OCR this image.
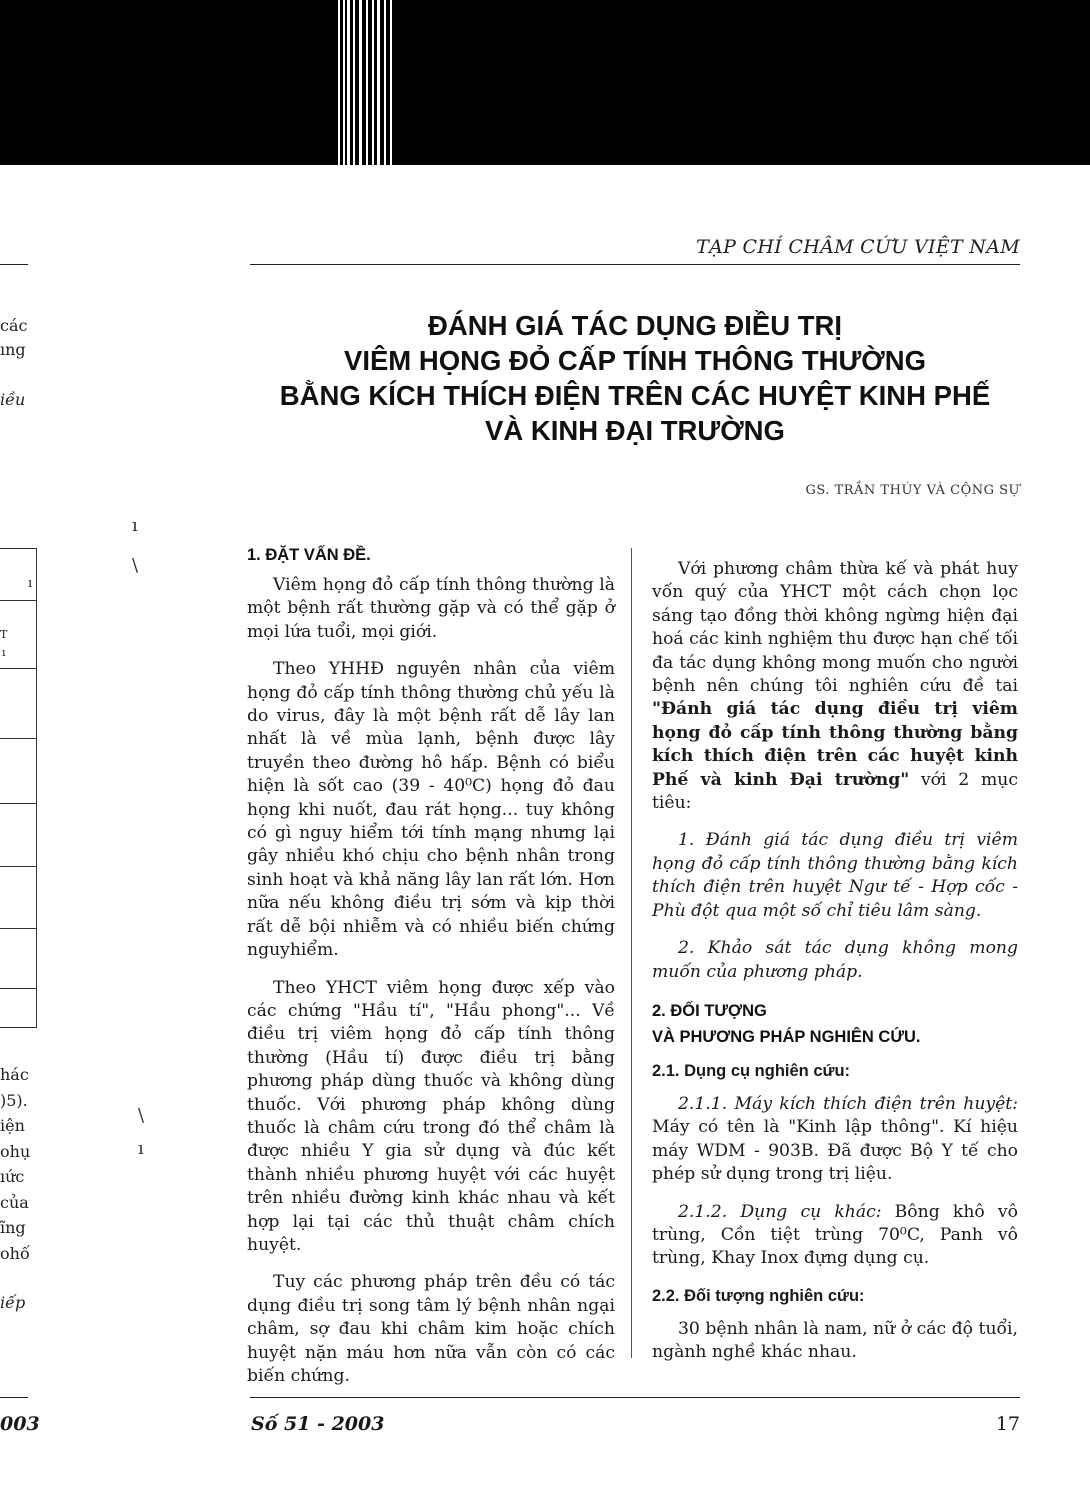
TẠP CHÍ CHÂM CỨU VIỆT NAM
ĐÁNH GIÁ TÁC DỤNG ĐIỀU TRỊ
VIÊM HỌNG ĐỎ CẤP TÍNH THÔNG THƯỜNG
BẰNG KÍCH THÍCH ĐIỆN TRÊN CÁC HUYỆT KINH PHẾ
VÀ KINH ĐẠI TRƯỜNG
GS. TRẦN THÚY VÀ CỘNG SỰ
các
ıng
iều
ı
T
ı
hác
)5).
iện
ohụ
ıức
của
ĩng
ohố
iếp
ı
\
\
ı
1. ĐẶT VẤN ĐỀ.

Viêm họng đỏ cấp tính thông thường là một bệnh rất thường gặp và có thể gặp ở mọi lứa tuổi, mọi giới.

Theo YHHĐ nguyên nhân của viêm họng đỏ cấp tính thông thường chủ yếu là do virus, đây là một bệnh rất dễ lây lan nhất là về mùa lạnh, bệnh được lây truyền theo đường hô hấp. Bệnh có biểu hiện là sốt cao (39 - 40⁰C) họng đỏ đau họng khi nuốt, đau rát họng... tuy không có gì nguy hiểm tới tính mạng nhưng lại gây nhiều khó chịu cho bệnh nhân trong sinh hoạt và khả năng lây lan rất lớn. Hơn nữa nếu không điều trị sớm và kịp thời rất dễ bội nhiễm và có nhiều biến chứng nguyhiểm.

Theo YHCT viêm họng được xếp vào các chứng "Hầu tí", "Hầu phong"... Về điều trị viêm họng đỏ cấp tính thông thường (Hầu tí) được điều trị bằng phương pháp dùng thuốc và không dùng thuốc. Với phương pháp không dùng thuốc là châm cứu trong đó thể châm là được nhiều Y gia sử dụng và đúc kết thành nhiều phương huyệt với các huyệt trên nhiều đường kinh khác nhau và kết hợp lại tại các thủ thuật châm chích huyệt.

Tuy các phương pháp trên đều có tác dụng điều trị song tâm lý bệnh nhân ngại châm, sợ đau khi châm kim hoặc chích huyệt nặn máu hơn nữa vẫn còn có các biến chứng.

Với phương châm thừa kế và phát huy vốn quý của YHCT một cách chọn lọc sáng tạo đồng thời không ngừng hiện đại hoá các kinh nghiệm thu được hạn chế tối đa tác dụng không mong muốn cho người bệnh nên chúng tôi nghiên cứu đề tai "Đánh giá tác dụng điều trị viêm họng đỏ cấp tính thông thường bằng kích thích điện trên các huyệt kinh Phế và kinh Đại trường" với 2 mục tiêu:

1. Đánh giá tác dụng điều trị viêm họng đỏ cấp tính thông thường bằng kích thích điện trên huyệt Ngư tế - Hợp cốc - Phù đột qua một số chỉ tiêu lâm sàng.

2. Khảo sát tác dụng không mong muốn của phương pháp.

2. ĐỐI TƯỢNG
VÀ PHƯƠNG PHÁP NGHIÊN CỨU.
2.1. Dụng cụ nghiên cứu:

2.1.1. Máy kích thích điện trên huyệt: Máy có tên là "Kinh lập thông". Kí hiệu máy WDM - 903B. Đã được Bộ Y tế cho phép sử dụng trong trị liệu.

2.1.2. Dụng cụ khác: Bông khô vô trùng, Cồn tiệt trùng 70⁰C, Panh vô trùng, Khay Inox đựng dụng cụ.

2.2. Đối tượng nghiên cứu:

30 bệnh nhân là nam, nữ ở các độ tuổi, ngành nghề khác nhau.

003	Số 51 - 2003	17
